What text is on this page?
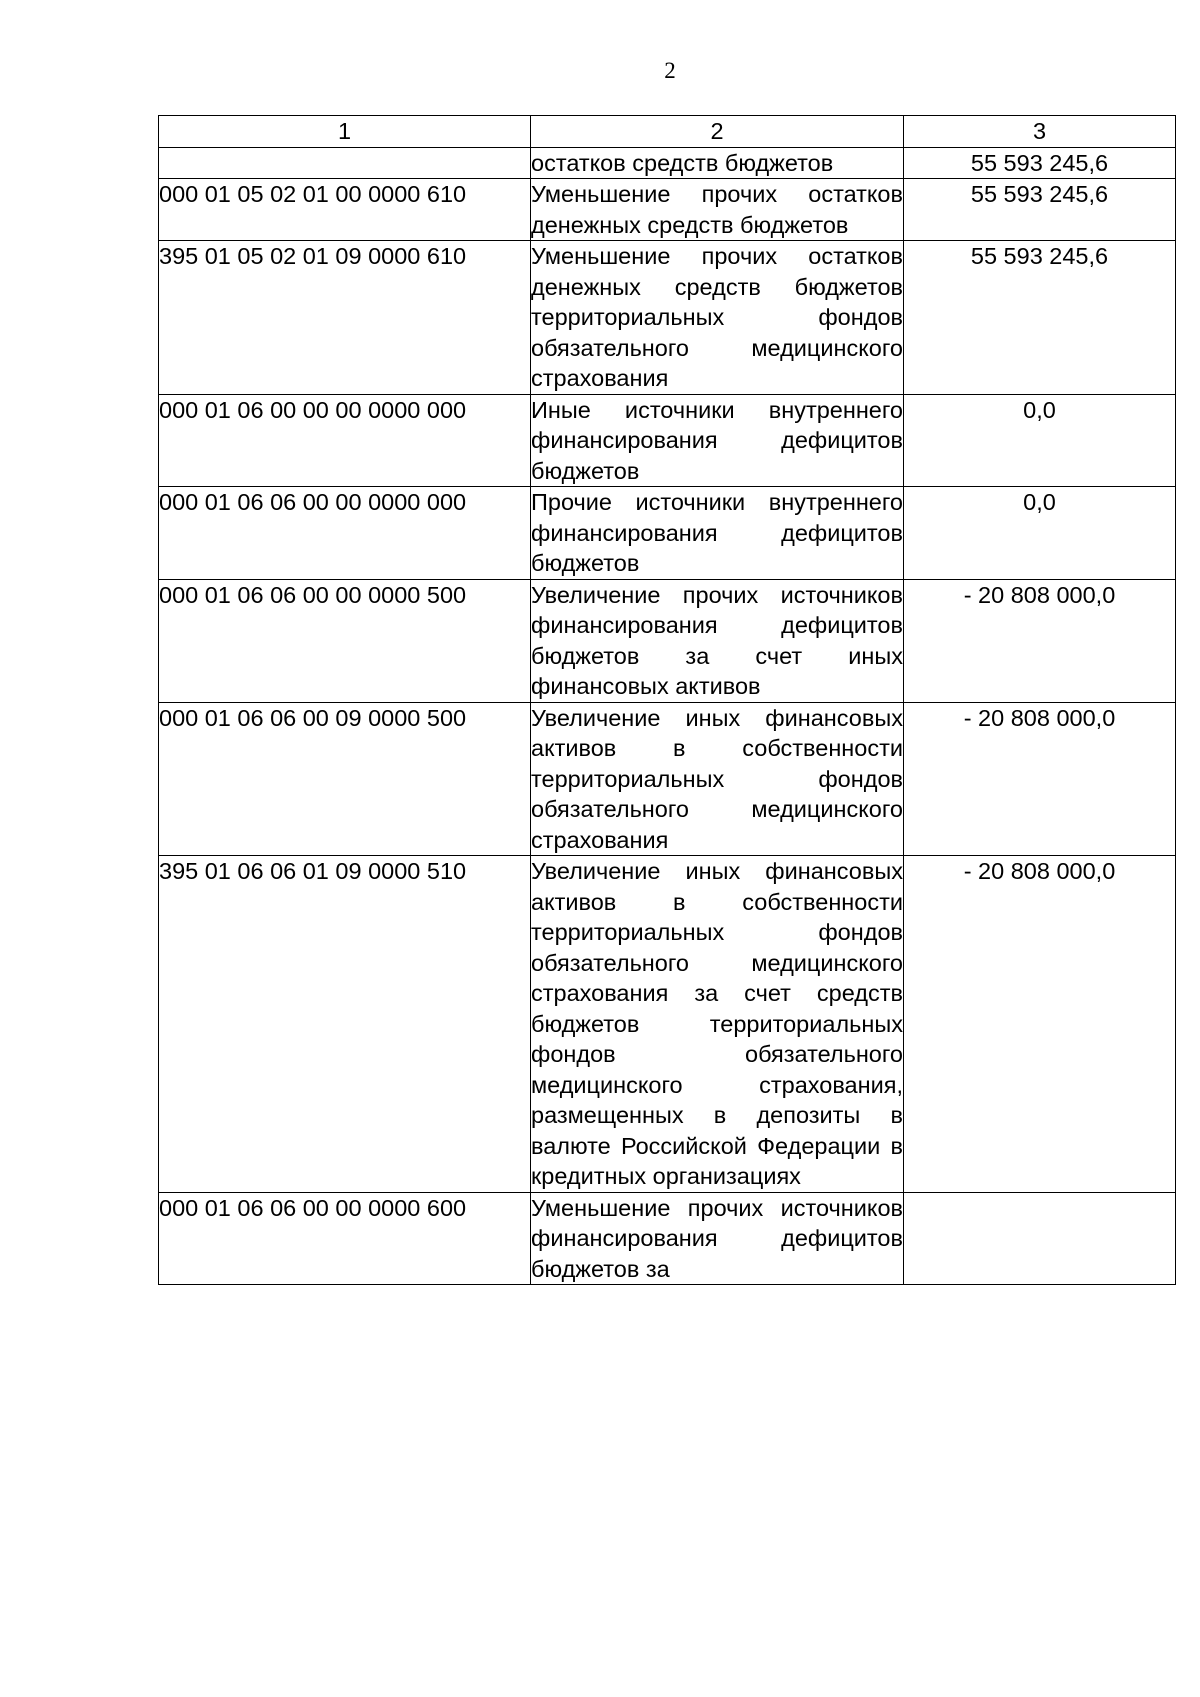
2
1	2	3
	остатков средств бюджетов	55 593 245,6
000 01 05 02 01 00 0000 610	Уменьшение прочих остатков денежных средств бюджетов	55 593 245,6
395 01 05 02 01 09 0000 610	Уменьшение прочих остатков денежных средств бюджетов территориальных фондов обязательного медицинского страхования	55 593 245,6
000 01 06 00 00 00 0000 000	Иные источники внутреннего финансирования дефицитов бюджетов	0,0
000 01 06 06 00 00 0000 000	Прочие источники внутреннего финансирования дефицитов бюджетов	0,0
000 01 06 06 00 00 0000 500	Увеличение прочих источников финансирования дефицитов бюджетов за счет иных финансовых активов	- 20 808 000,0
000 01 06 06 00 09 0000 500	Увеличение иных финансовых активов в собственности территориальных фондов обязательного медицинского страхования	- 20 808 000,0
395 01 06 06 01 09 0000 510	Увеличение иных финансовых активов в собственности территориальных фондов обязательного медицинского страхования за счет средств бюджетов территориальных фондов обязательного медицинского страхования, размещенных в депозиты в валюте Российской Федерации в кредитных организациях	- 20 808 000,0
000 01 06 06 00 00 0000 600	Уменьшение прочих источников финансирования дефицитов бюджетов за	
